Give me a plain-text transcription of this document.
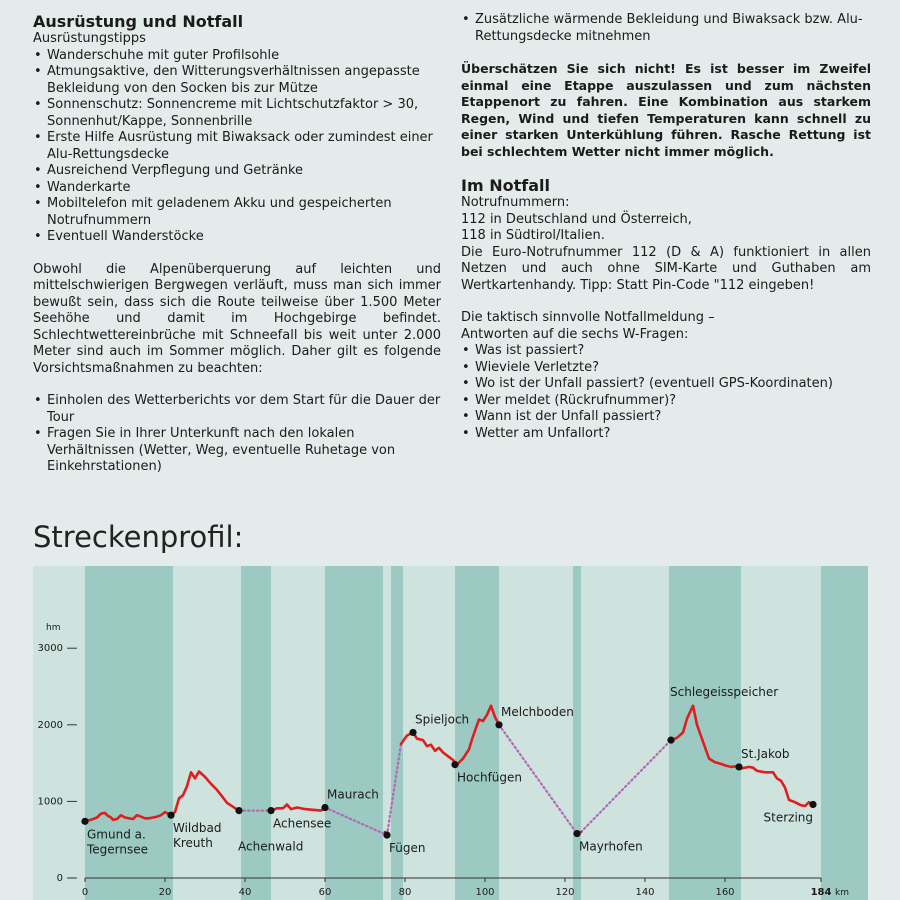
Ausrüstung und Notfall

Ausrüstungstipps

• Wanderschuhe mit guter Profilsohle
• Atmungsaktive, den Witterungsverhältnissen angepasste Bekleidung von den Socken bis zur Mütze
• Sonnenschutz: Sonnencreme mit Lichtschutzfaktor > 30, Sonnenhut/Kappe, Sonnenbrille
• Erste Hilfe Ausrüstung mit Biwaksack oder zumindest einer Alu-Rettungsdecke
• Ausreichend Verpflegung und Getränke
• Wanderkarte
• Mobiltelefon mit geladenem Akku und gespeicherten Notrufnummern
• Eventuell Wanderstöcke

Obwohl die Alpenüberquerung auf leichten und mittelschwierigen Bergwegen verläuft, muss man sich immer bewußt sein, dass sich die Route teilweise über 1.500 Meter Seehöhe und damit im Hochgebirge befindet. Schlechtwettereinbrüche mit Schneefall bis weit unter 2.000 Meter sind auch im Sommer möglich. Daher gilt es folgende Vorsichtsmaßnahmen zu beachten:

• Einholen des Wetterberichts vor dem Start für die Dauer der Tour
• Fragen Sie in Ihrer Unterkunft nach den lokalen Verhältnissen (Wetter, Weg, eventuelle Ruhetage von Einkehrstationen)
• Zusätzliche wärmende Bekleidung und Biwaksack bzw. Alu-Rettungsdecke mitnehmen

Überschätzen Sie sich nicht! Es ist besser im Zweifel einmal eine Etappe auszulassen und zum nächsten Etappenort zu fahren. Eine Kombination aus starkem Regen, Wind und tiefen Temperaturen kann schnell zu einer starken Unterkühlung führen. Rasche Rettung ist bei schlechtem Wetter nicht immer möglich.

Im Notfall
Notrufnummern:
112 in Deutschland und Österreich,
118 in Südtirol/Italien.

Die Euro-Notrufnummer 112 (D & A) funktioniert in allen Netzen und auch ohne SIM-Karte und Guthaben am Wertkartenhandy. Tipp: Statt Pin-Code "112 eingeben!

Die taktisch sinnvolle Notfallmeldung –

Antworten auf die sechs W-Fragen:

• Was ist passiert?
• Wieviele Verletzte?
• Wo ist der Unfall passiert? (eventuell GPS-Koordinaten)
• Wer meldet (Rückrufnummer)?
• Wann ist der Unfall passiert?
• Wetter am Unfallort?
Streckenprofil:
hm
0
1000
2000
3000
0	20	40	60	80	100	120	140	160	184 km
Gmund a.
Tegernsee
Wildbad
Kreuth Achenwald
Achensee
Maurach
Fügen
Spieljoch
Hochfügen
Melchboden
Mayrhofen
Schlegeisspeicher
St.Jakob
Sterzing
